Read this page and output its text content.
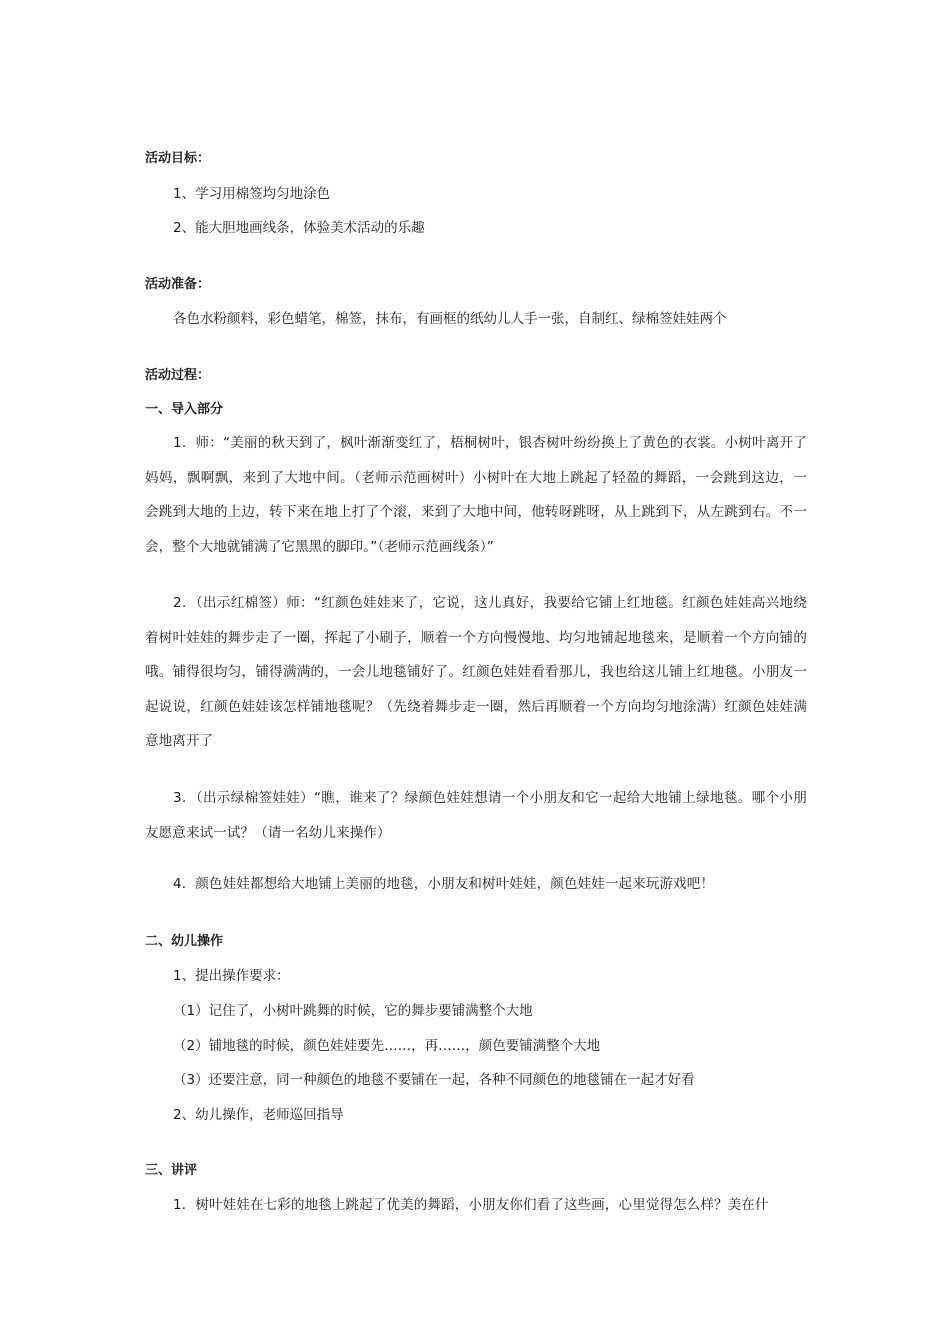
活动目标：
1、学习用棉签均匀地涂色
2、能大胆地画线条，体验美术活动的乐趣
活动准备：
各色水粉颜料，彩色蜡笔，棉签，抹布，有画框的纸幼儿人手一张，自制红、绿棉签娃娃两个
活动过程：
一、导入部分
1．师：“美丽的秋天到了，枫叶渐渐变红了，梧桐树叶，银杏树叶纷纷换上了黄色的衣裳。小树叶离开了妈妈，飘啊飘，来到了大地中间。（老师示范画树叶）小树叶在大地上跳起了轻盈的舞蹈，一会跳到这边，一会跳到大地的上边，转下来在地上打了个滚，来到了大地中间，他转呀跳呀，从上跳到下，从左跳到右。不一会，整个大地就铺满了它黑黑的脚印。”（老师示范画线条）”
2．（出示红棉签）师：“红颜色娃娃来了，它说，这儿真好，我要给它铺上红地毯。红颜色娃娃高兴地绕着树叶娃娃的舞步走了一圈，挥起了小刷子，顺着一个方向慢慢地、均匀地铺起地毯来，是顺着一个方向铺的哦。铺得很均匀，铺得满满的，一会儿地毯铺好了。红颜色娃娃看看那儿，我也给这儿铺上红地毯。小朋友一起说说，红颜色娃娃该怎样铺地毯呢？（先绕着舞步走一圈，然后再顺着一个方向均匀地涂满）红颜色娃娃满意地离开了
3．（出示绿棉签娃娃）“瞧，谁来了？绿颜色娃娃想请一个小朋友和它一起给大地铺上绿地毯。哪个小朋友愿意来试一试？（请一名幼儿来操作）
4．颜色娃娃都想给大地铺上美丽的地毯，小朋友和树叶娃娃，颜色娃娃一起来玩游戏吧！
二、幼儿操作
1、提出操作要求：
（1）记住了，小树叶跳舞的时候，它的舞步要铺满整个大地
（2）铺地毯的时候，颜色娃娃要先……，再……，颜色要铺满整个大地
（3）还要注意，同一种颜色的地毯不要铺在一起，各种不同颜色的地毯铺在一起才好看
2、幼儿操作，老师巡回指导
三、讲评
1．树叶娃娃在七彩的地毯上跳起了优美的舞蹈，小朋友你们看了这些画，心里觉得怎么样？美在什
